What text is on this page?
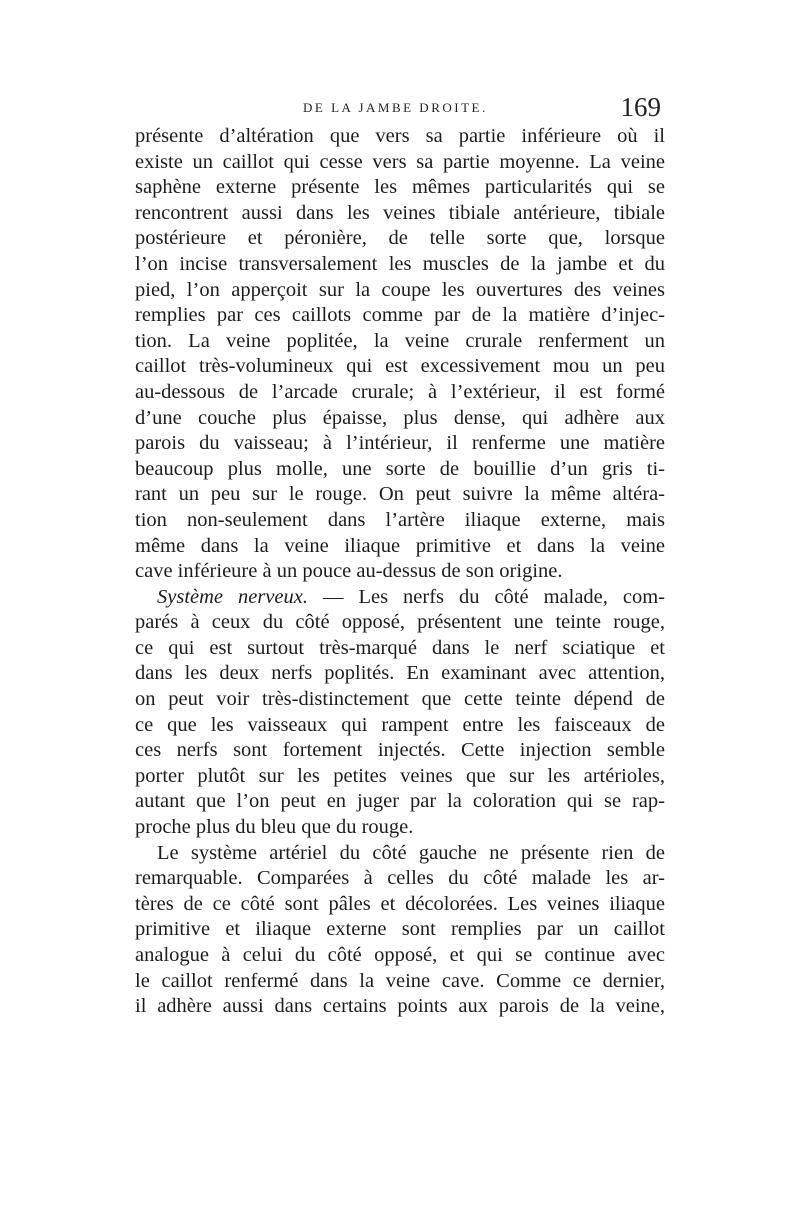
DE LA JAMBE DROITE.	169
présente d’altération que vers sa partie inférieure où il
existe un caillot qui cesse vers sa partie moyenne. La veine
saphène externe présente les mêmes particularités qui se
rencontrent aussi dans les veines tibiale antérieure, tibiale
postérieure et péronière, de telle sorte que, lorsque
l’on incise transversalement les muscles de la jambe et du
pied, l’on apperçoit sur la coupe les ouvertures des veines
remplies par ces caillots comme par de la matière d’injec-
tion. La veine poplitée, la veine crurale renferment un
caillot très-volumineux qui est excessivement mou un peu
au-dessous de l’arcade crurale; à l’extérieur, il est formé
d’une couche plus épaisse, plus dense, qui adhère aux
parois du vaisseau; à l’intérieur, il renferme une matière
beaucoup plus molle, une sorte de bouillie d’un gris ti-
rant un peu sur le rouge. On peut suivre la même altéra-
tion non-seulement dans l’artère iliaque externe, mais
même dans la veine iliaque primitive et dans la veine
cave inférieure à un pouce au-dessus de son origine.
Système nerveux. — Les nerfs du côté malade, com-
parés à ceux du côté opposé, présentent une teinte rouge,
ce qui est surtout très-marqué dans le nerf sciatique et
dans les deux nerfs poplités. En examinant avec attention,
on peut voir très-distinctement que cette teinte dépend de
ce que les vaisseaux qui rampent entre les faisceaux de
ces nerfs sont fortement injectés. Cette injection semble
porter plutôt sur les petites veines que sur les artérioles,
autant que l’on peut en juger par la coloration qui se rap-
proche plus du bleu que du rouge.
Le système artériel du côté gauche ne présente rien de
remarquable. Comparées à celles du côté malade les ar-
tères de ce côté sont pâles et décolorées. Les veines iliaque
primitive et iliaque externe sont remplies par un caillot
analogue à celui du côté opposé, et qui se continue avec
le caillot renfermé dans la veine cave. Comme ce dernier,
il adhère aussi dans certains points aux parois de la veine,
